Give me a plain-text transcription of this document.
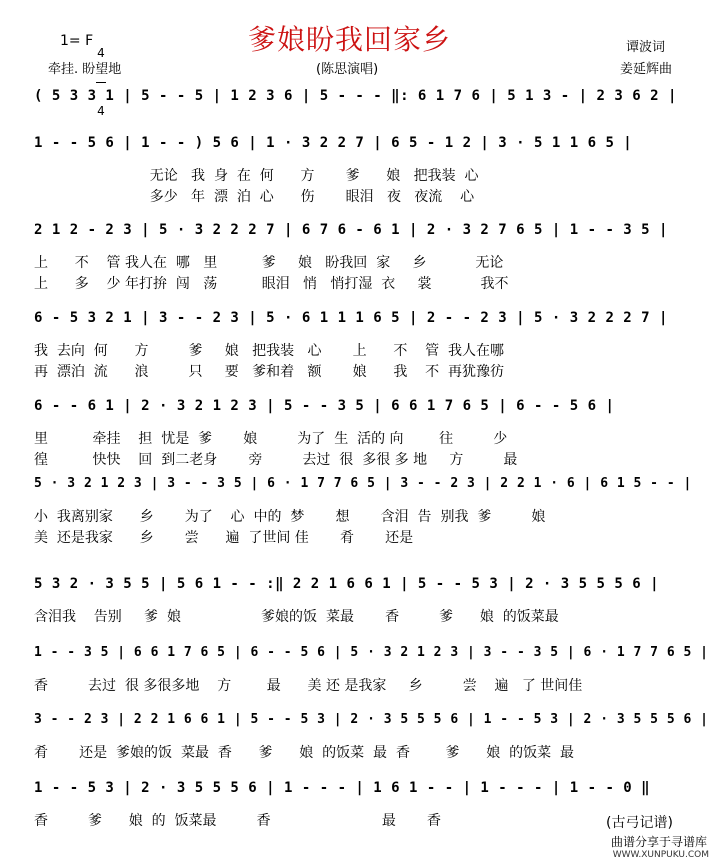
爹娘盼我回家乡
1= F

4

4

谭波词
姜延辉曲
(陈思演唱)
牵挂. 盼望地
( 5 3 3 1 | 5 - - 5 | 1 2 3 6 | 5 - - - ‖: 6 1 7 6 | 5 1 3 - | 2 3 6 2 |
1 - - 5 6 | 1 - - ) 5 6 | 1 · 3 2 2 7 | 6 5 - 1 2 | 3 · 5 1 1 6 5 |
无论   我  身  在  何      方       爹      娘   把我装  心
多少   年  漂  泊  心      伤       眼泪   夜   夜流    心
2 1 2 - 2 3 | 5 · 3 2 2 2 7 | 6 7 6 - 6 1 | 2 · 3 2 7 6 5 | 1 - - 3 5 |
上      不    管 我人在  哪   里          爹     娘   盼我回  家     乡           无论
上      多    少 年打拚  闯   荡          眼泪   悄   悄打湿  衣     裳           我不
6 - 5 3 2 1 | 3 - - 2 3 | 5 · 6 1 1 1 6 5 | 2 - - 2 3 | 5 · 3 2 2 2 7 |
我  去向  何      方         爹     娘   把我装   心       上      不    管  我人在哪
再  漂泊  流      浪         只     要   爹和着   额       娘      我    不  再犹豫彷
6 - - 6 1 | 2 · 3 2 1 2 3 | 5 - - 3 5 | 6 6 1 7 6 5 | 6 - - 5 6 |
里          牵挂    担  忧是  爹       娘         为了  生  活的 向        往         少
徨          快快    回  到二老身       旁         去过  很  多很 多 地     方         最
5 · 3 2 1 2 3 | 3 - - 3 5 | 6 · 1 7 7 6 5 | 3 - - 2 3 | 2 2 1 · 6 | 6 1 5 - - |
小  我离别家      乡       为了    心  中的  梦       想       含泪  告  别我  爹         娘
美  还是我家      乡       尝      遍  了世间 佳       肴       还是
5 3 2 · 3 5 5 | 5 6 1 - - :‖ 2 2 1 6 6 1 | 5 - - 5 3 | 2 · 3 5 5 5 6 |
含泪我    告别     爹  娘                  爹娘的饭  菜最       香         爹      娘  的饭菜最
1 - - 3 5 | 6 6 1 7 6 5 | 6 - - 5 6 | 5 · 3 2 1 2 3 | 3 - - 3 5 | 6 · 1 7 7 6 5 |
香         去过  很 多很多地    方        最      美 还 是我家     乡         尝    遍   了 世间佳
3 - - 2 3 | 2 2 1 6 6 1 | 5 - - 5 3 | 2 · 3 5 5 5 6 | 1 - - 5 3 | 2 · 3 5 5 5 6 |
肴       还是  爹娘的饭  菜最  香      爹      娘  的饭菜  最  香        爹      娘  的饭菜  最
1 - - 5 3 | 2 · 3 5 5 5 6 | 1 - - - | 1 6 1 - - | 1 - - - | 1 - - 0 ‖
香         爹      娘  的  饭菜最         香                         最       香	(古弓记谱)
曲谱分享于寻谱库
WWW.XUNPUKU.COM
